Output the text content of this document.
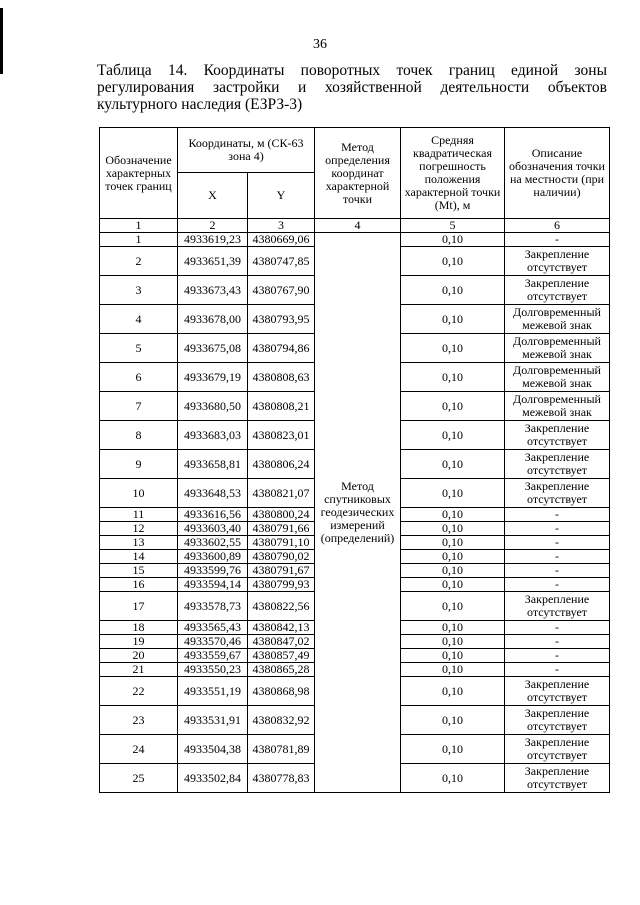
36
Таблица 14. Координаты поворотных точек границ единой зоны
регулирования застройки и хозяйственной деятельности объектов
культурного наследия (ЕЗРЗ-3)
Обозначение характерных точек границ	Координаты, м (СК-63 зона 4)		Метод определения координат характерной точки	Средняя квадратическая погрешность положения характерной точки (Mt), м	Описание обозначения точки на местности (при наличии)
	X	Y			
1	2	3	4	5	6
1	4933619,23	4380669,06	Метод спутниковых геодезических измерений (определений)	0,10	-
2	4933651,39	4380747,85		0,10	Закрепление отсутствует
3	4933673,43	4380767,90		0,10	Закрепление отсутствует
4	4933678,00	4380793,95		0,10	Долговременный межевой знак
5	4933675,08	4380794,86		0,10	Долговременный межевой знак
6	4933679,19	4380808,63		0,10	Долговременный межевой знак
7	4933680,50	4380808,21		0,10	Долговременный межевой знак
8	4933683,03	4380823,01		0,10	Закрепление отсутствует
9	4933658,81	4380806,24		0,10	Закрепление отсутствует
10	4933648,53	4380821,07		0,10	Закрепление отсутствует
11	4933616,56	4380800,24		0,10	-
12	4933603,40	4380791,66		0,10	-
13	4933602,55	4380791,10		0,10	-
14	4933600,89	4380790,02		0,10	-
15	4933599,76	4380791,67		0,10	-
16	4933594,14	4380799,93		0,10	-
17	4933578,73	4380822,56		0,10	Закрепление отсутствует
18	4933565,43	4380842,13		0,10	-
19	4933570,46	4380847,02		0,10	-
20	4933559,67	4380857,49		0,10	-
21	4933550,23	4380865,28		0,10	-
22	4933551,19	4380868,98		0,10	Закрепление отсутствует
23	4933531,91	4380832,92		0,10	Закрепление отсутствует
24	4933504,38	4380781,89		0,10	Закрепление отсутствует
25	4933502,84	4380778,83		0,10	Закрепление отсутствует
